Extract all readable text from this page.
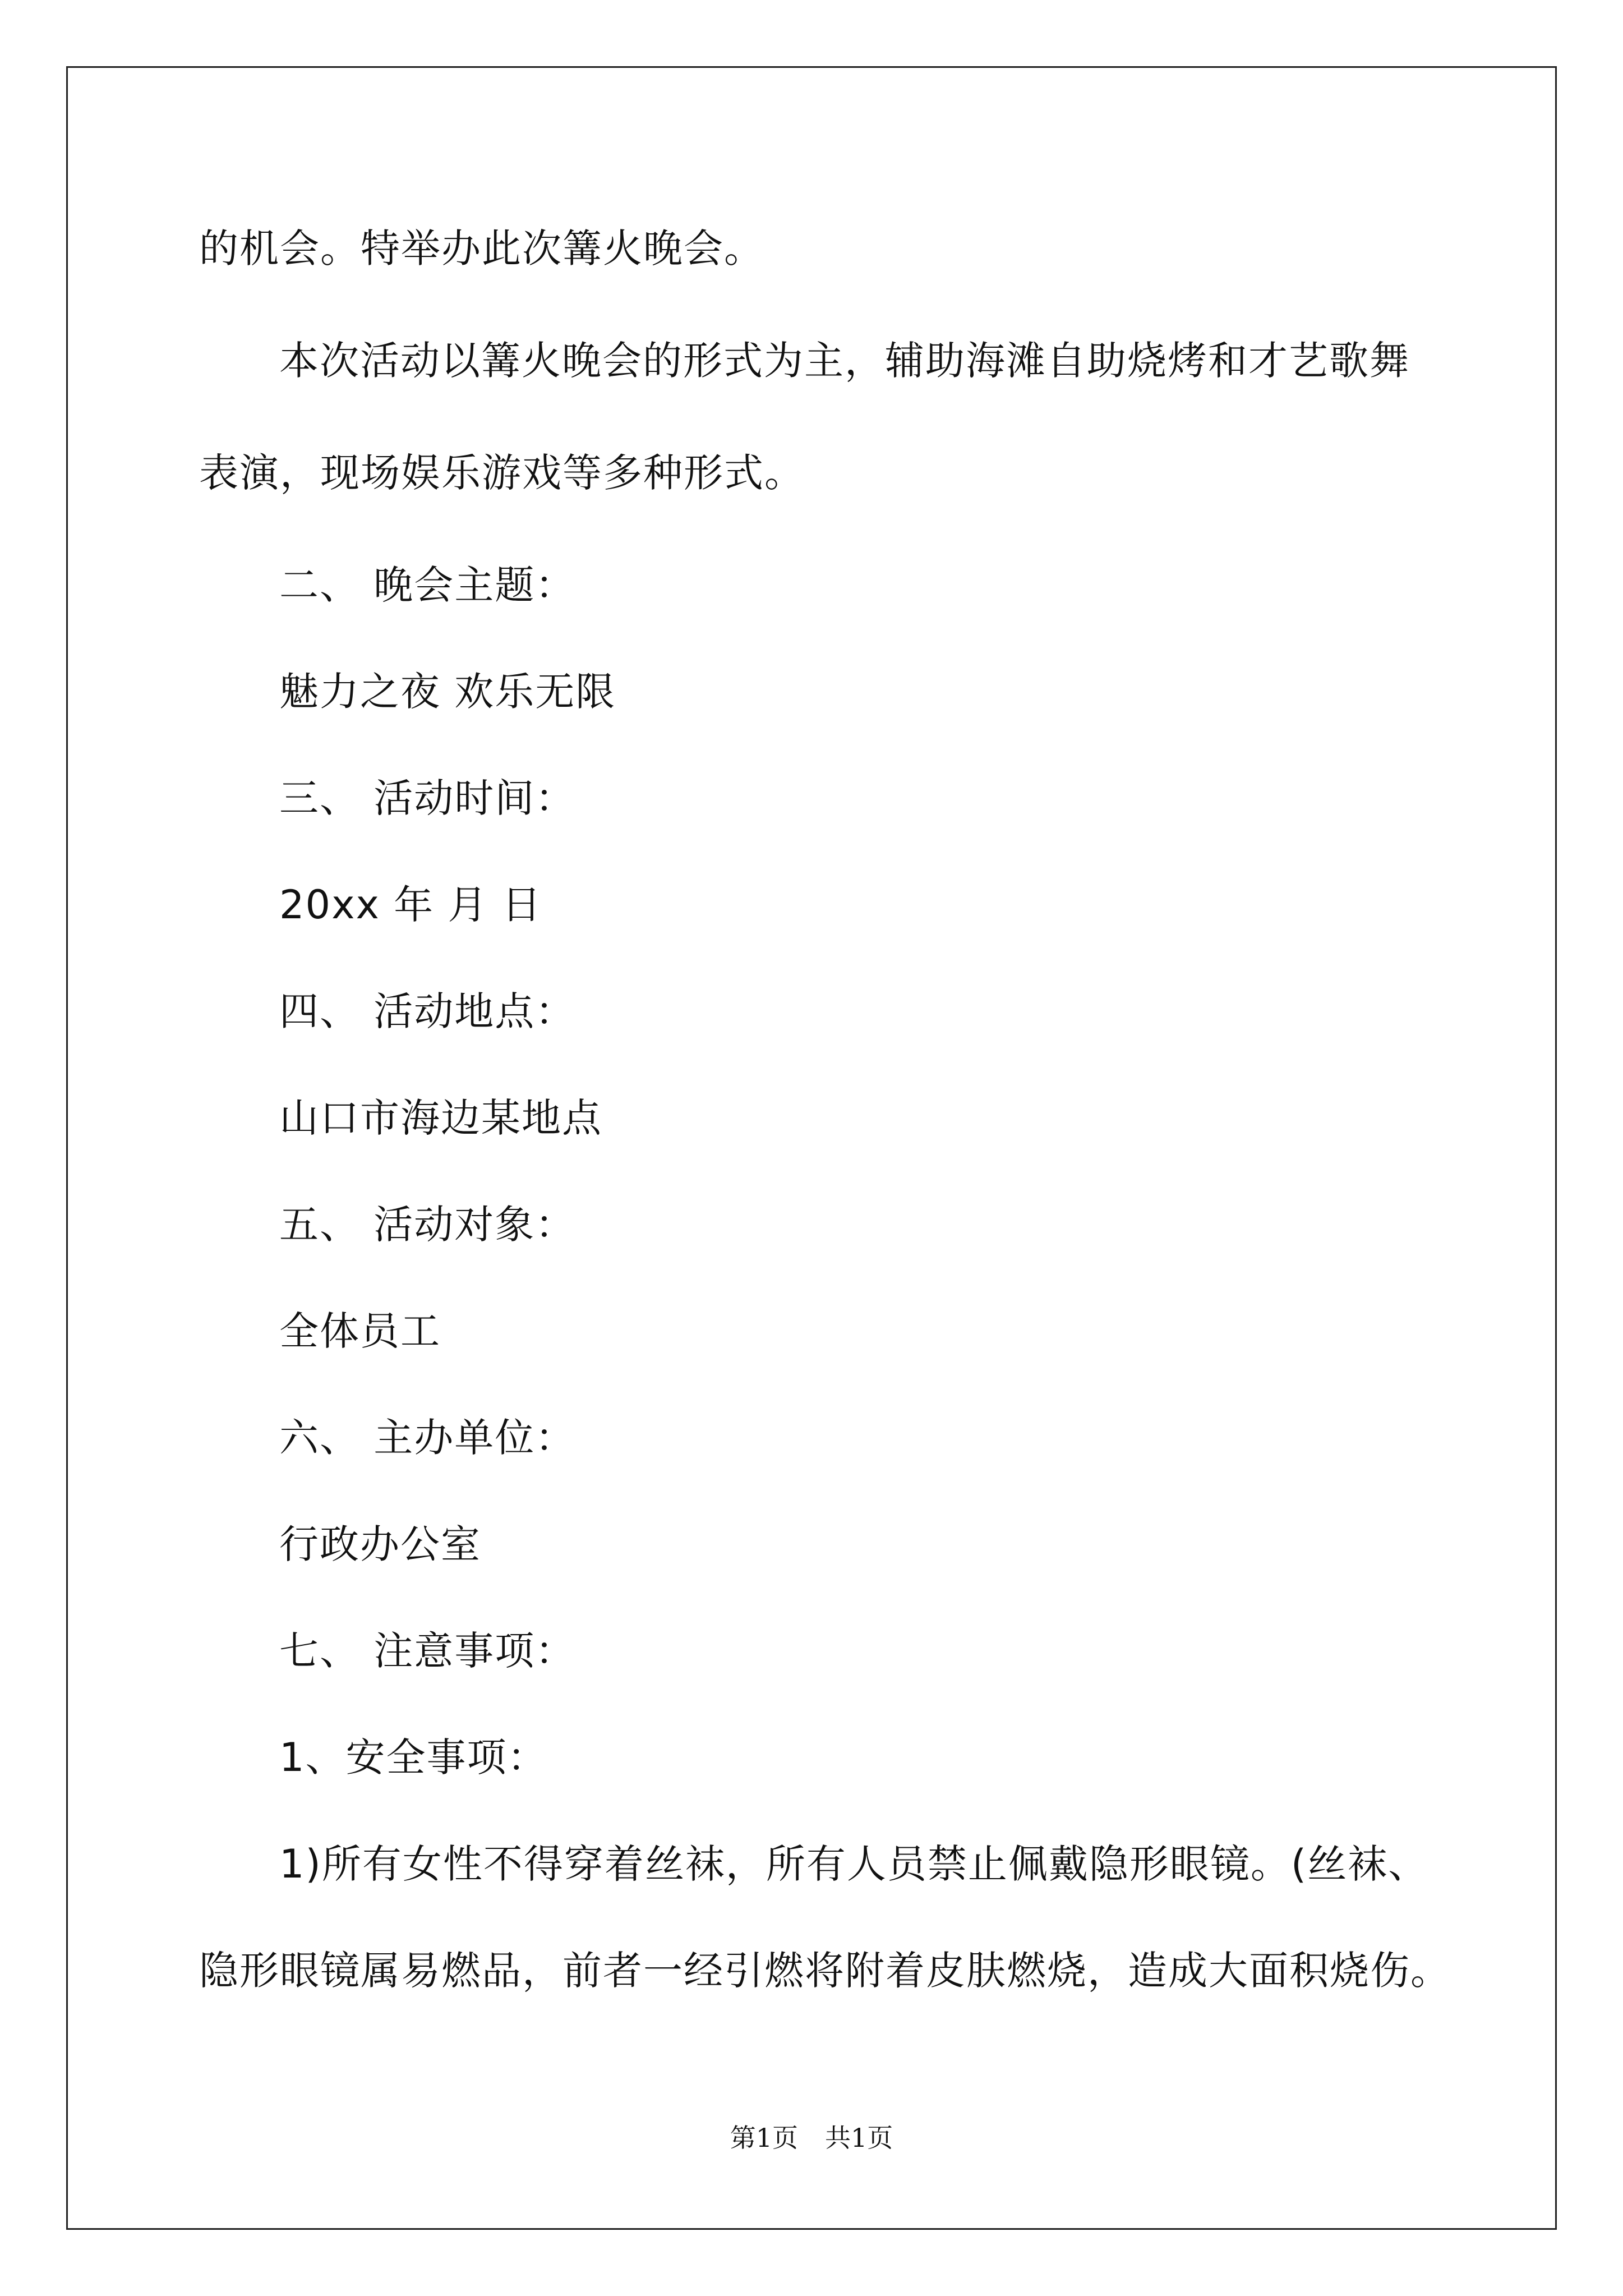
的机会。特举办此次篝火晚会。
本次活动以篝火晚会的形式为主，辅助海滩自助烧烤和才艺歌舞
表演，现场娱乐游戏等多种形式。
二、 晚会主题：
魅力之夜 欢乐无限
三、 活动时间：
20xx 年 月 日
四、 活动地点：
山口市海边某地点
五、 活动对象：
全体员工
六、 主办单位：
行政办公室
七、 注意事项：
1、安全事项：
1)所有女性不得穿着丝袜，所有人员禁止佩戴隐形眼镜。(丝袜、
隐形眼镜属易燃品，前者一经引燃将附着皮肤燃烧，造成大面积烧伤。
第1页 共1页
